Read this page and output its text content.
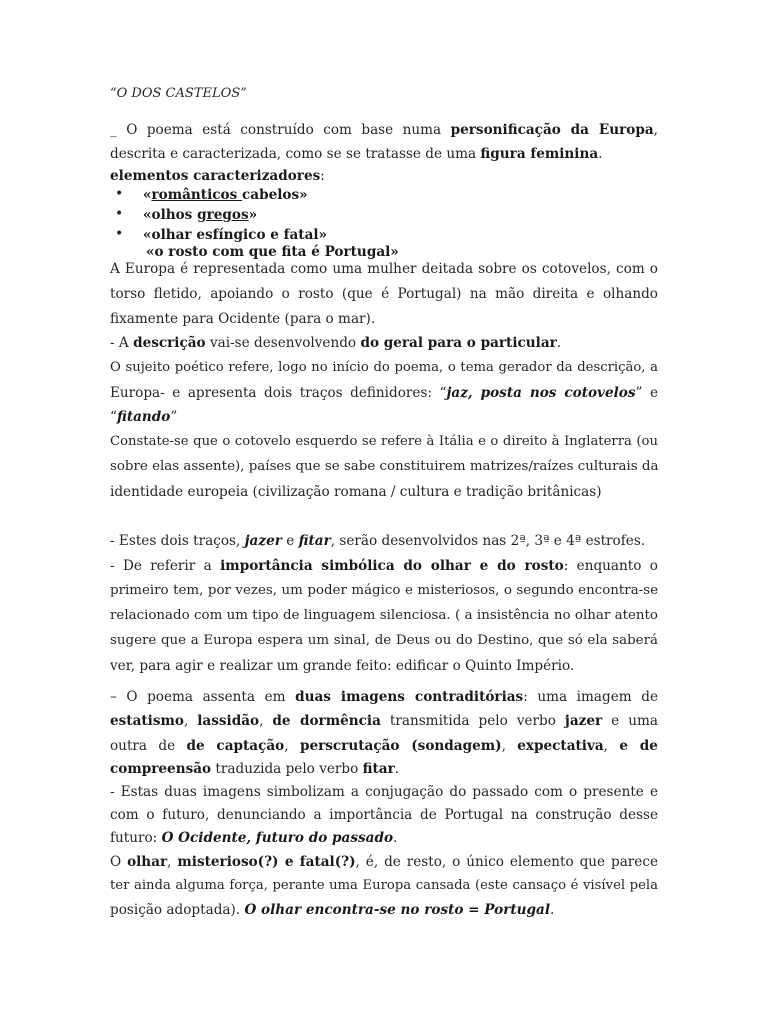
“O DOS CASTELOS”
_ O poema está construído com base numa personificação da Europa,
descrita e caracterizada, como se se tratasse de uma figura feminina.
elementos caracterizadores:
• «românticos cabelos»
• «olhos gregos»
• «olhar esfíngico e fatal»
«o rosto com que fita é Portugal»
A Europa é representada como uma mulher deitada sobre os cotovelos, com o
torso fletido, apoiando o rosto (que é Portugal) na mão direita e olhando
fixamente para Ocidente (para o mar).
- A descrição vai-se desenvolvendo do geral para o particular.
O sujeito poético refere, logo no início do poema, o tema gerador da descrição, a
Europa- e apresenta dois traços definidores: “jaz, posta nos cotovelos” e
“fitando”
Constate-se que o cotovelo esquerdo se refere à Itália e o direito à Inglaterra (ou
sobre elas assente), países que se sabe constituirem matrizes/raízes culturais da
identidade europeia (civilização romana / cultura e tradição britânicas)
- Estes dois traços, jazer e fitar, serão desenvolvidos nas 2ª, 3ª e 4ª estrofes.
- De referir a importância simbólica do olhar e do rosto: enquanto o
primeiro tem, por vezes, um poder mágico e misteriosos, o segundo encontra-se
relacionado com um tipo de linguagem silenciosa. ( a insistência no olhar atento
sugere que a Europa espera um sinal, de Deus ou do Destino, que só ela saberá
ver, para agir e realizar um grande feito: edificar o Quinto Império.
– O poema assenta em duas imagens contraditórias: uma imagem de
estatismo, lassidão, de dormência transmitida pelo verbo jazer e uma
outra de de captação, perscrutação (sondagem), expectativa, e de
compreensão traduzida pelo verbo fitar.
- Estas duas imagens simbolizam a conjugação do passado com o presente e
com o futuro, denunciando a importância de Portugal na construção desse
futuro: O Ocidente, futuro do passado.
O olhar, misterioso(?) e fatal(?), é, de resto, o único elemento que parece
ter ainda alguma força, perante uma Europa cansada (este cansaço é visível pela
posição adoptada). O olhar encontra-se no rosto = Portugal.
